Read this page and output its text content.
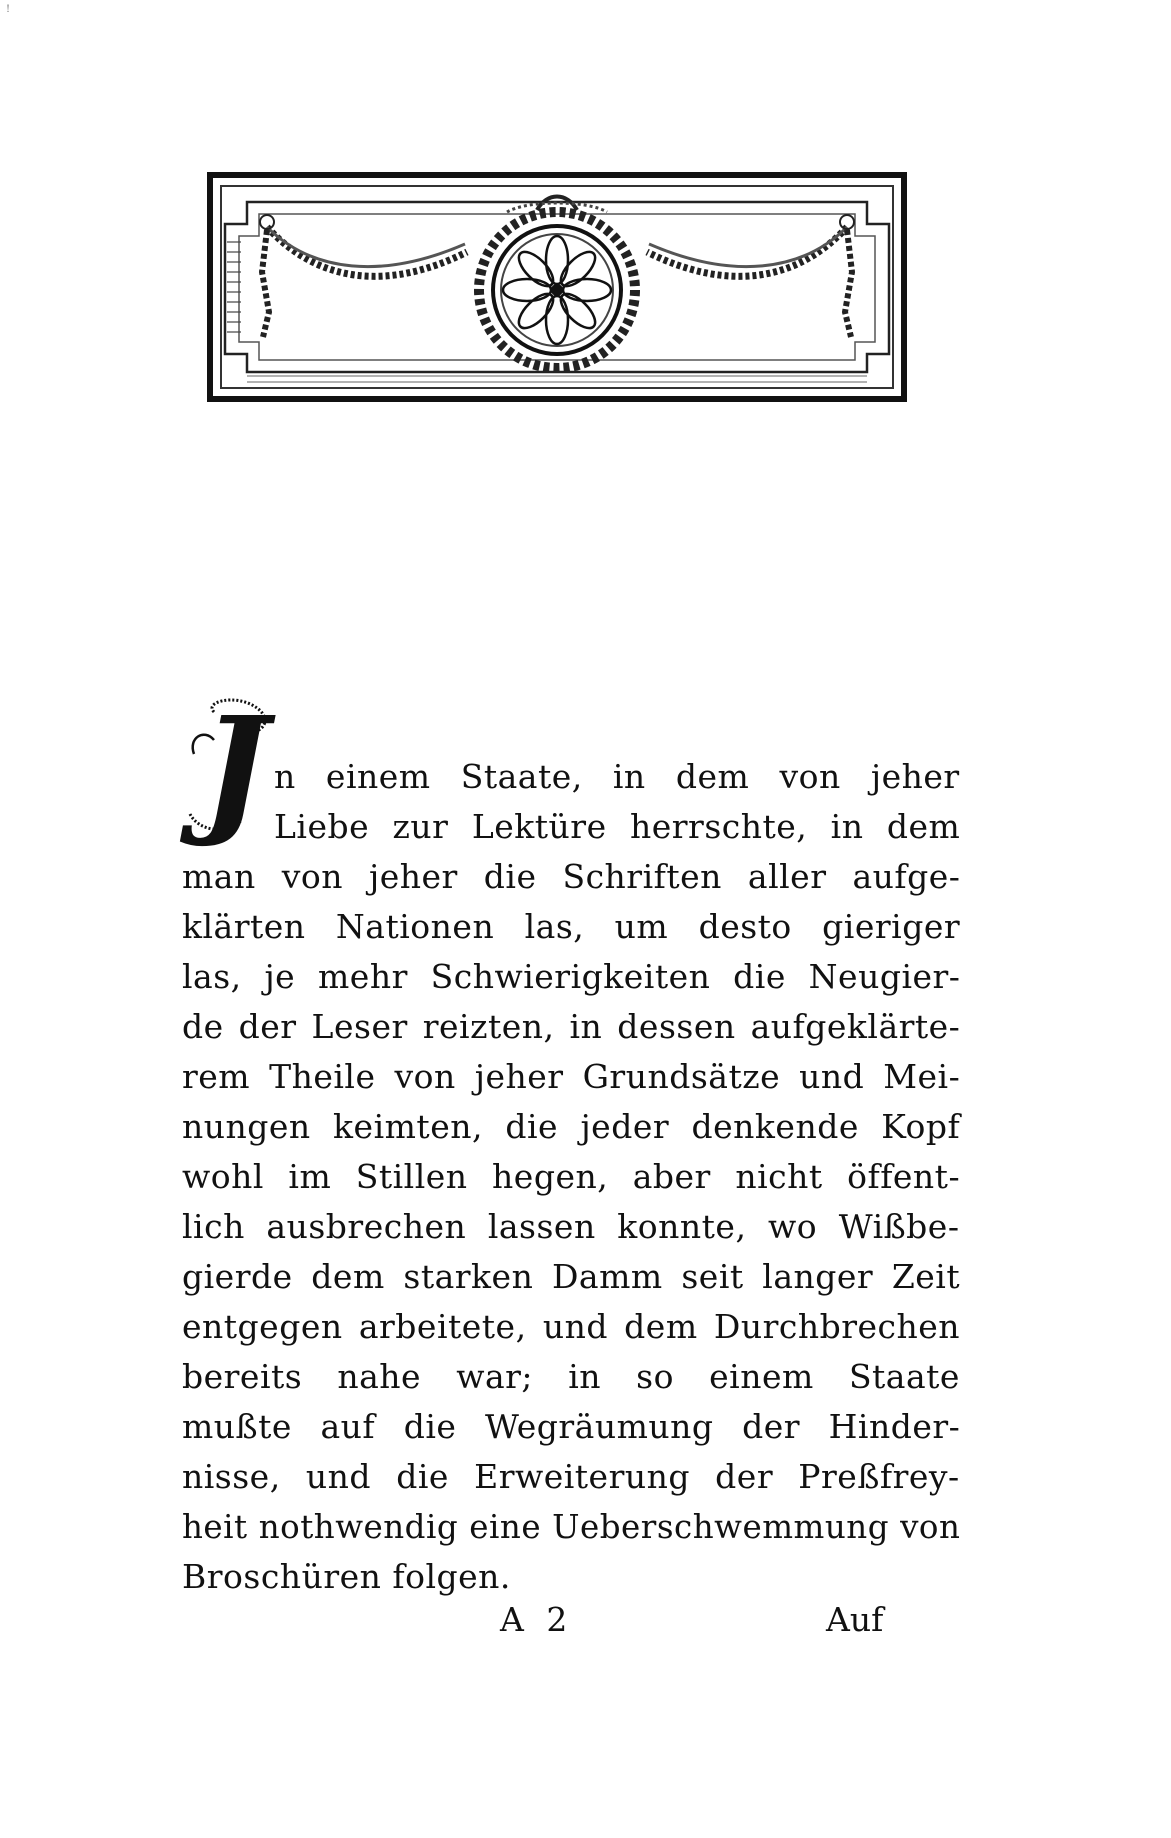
!
J n einem Staate, in dem von jeher
Liebe zur Lektüre herrschte, in dem
man von jeher die Schriften aller aufge-
klärten Nationen las, um desto gieriger
las, je mehr Schwierigkeiten die Neugier-
de der Leser reizten, in dessen aufgeklärte-
rem Theile von jeher Grundsätze und Mei-
nungen keimten, die jeder denkende Kopf
wohl im Stillen hegen, aber nicht öffent-
lich ausbrechen lassen konnte, wo Wißbe-
gierde dem starken Damm seit langer Zeit
entgegen arbeitete, und dem Durchbrechen
bereits nahe war; in so einem Staate
mußte auf die Wegräumung der Hinder-
nisse, und die Erweiterung der Preßfrey-
heit nothwendig eine Ueberschwemmung von
Broschüren folgen.
A 2	Auf
